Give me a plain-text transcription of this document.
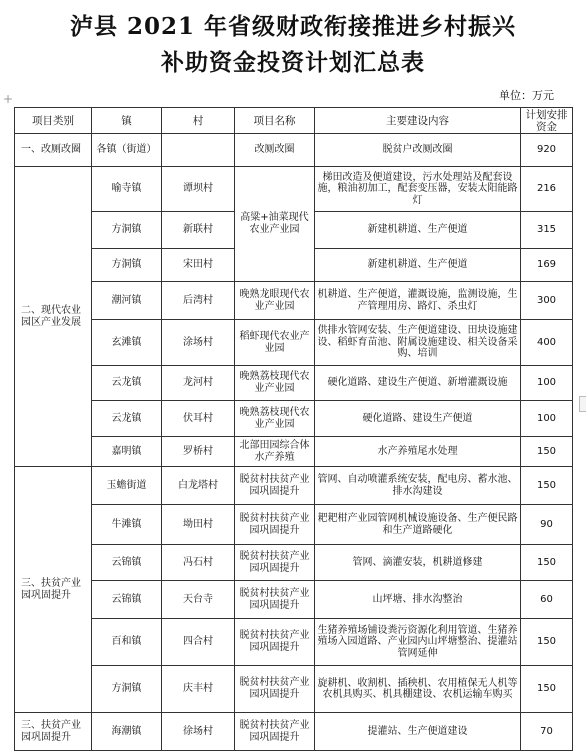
泸县 2021 年省级财政衔接推进乡村振兴
补助资金投资计划汇总表
单位：万元
+
项目类别	镇	村	项目名称	主要建设内容	计划安排资金
一、改厕改圈	各镇（街道）		改厕改圈	脱贫户改厕改圈	920
二、现代农业园区产业发展	喻寺镇	谭坝村	高粱+油菜现代农业产业园	梯田改造及便道建设，污水处理站及配套设施，粮油初加工，配套变压器，安装太阳能路灯	216
	方洞镇	新联村		新建机耕道、生产便道	315
	方洞镇	宋田村		新建机耕道、生产便道	169
	潮河镇	后湾村	晚熟龙眼现代农业产业园	机耕道、生产便道，灌溉设施，监测设施，生产管理用房、路灯、杀虫灯	300
	玄滩镇	涂场村	稻虾现代农业产业园	供排水管网安装、生产便道建设、田块设施建设、稻虾育苗池、附属设施建设、相关设备采购、培训	400
	云龙镇	龙河村	晚熟荔枝现代农业产业园	硬化道路、建设生产便道、新增灌溉设施	100
	云龙镇	伏耳村	晚熟荔枝现代农业产业园	硬化道路、建设生产便道	100
	嘉明镇	罗桥村	北部田园综合体水产养殖	水产养殖尾水处理	150
三、扶贫产业园巩固提升	玉蟾街道	白龙塔村	脱贫村扶贫产业园巩固提升	管网、自动喷灌系统安装，配电房、蓄水池、排水沟建设	150
	牛滩镇	坳田村	脱贫村扶贫产业园巩固提升	耙耙柑产业园管网机械设施设备、生产便民路和生产道路硬化	90
	云锦镇	冯石村	脱贫村扶贫产业园巩固提升	管网、滴灌安装，机耕道修建	150
	云锦镇	天台寺	脱贫村扶贫产业园巩固提升	山坪塘、排水沟整治	60
	百和镇	四合村	脱贫村扶贫产业园巩固提升	生猪养殖场铺设粪污资源化利用管道、生猪养殖场入园道路、产业园内山坪塘整治、提灌站管网延伸	150
	方洞镇	庆丰村	脱贫村扶贫产业园巩固提升	旋耕机、收割机、插秧机、农用植保无人机等农机具购买、机具棚建设、农机运输车购买	150
三、扶贫产业园巩固提升	海潮镇	徐场村	脱贫村扶贫产业园巩固提升	提灌站、生产便道建设	70
